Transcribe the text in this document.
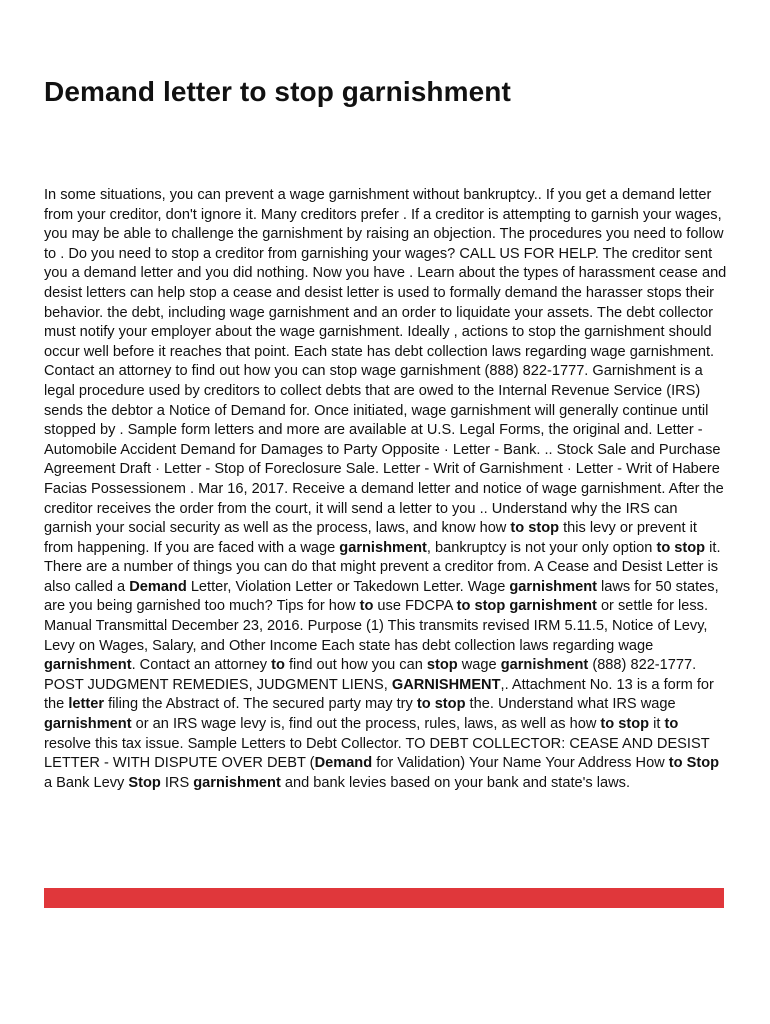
Demand letter to stop garnishment

In some situations, you can prevent a wage garnishment without bankruptcy.. If you get a demand letter from your creditor, don't ignore it. Many creditors prefer . If a creditor is attempting to garnish your wages, you may be able to challenge the garnishment by raising an objection. The procedures you need to follow to . Do you need to stop a creditor from garnishing your wages? CALL US FOR HELP. The creditor sent you a demand letter and you did nothing. Now you have . Learn about the types of harassment cease and desist letters can help stop a cease and desist letter is used to formally demand the harasser stops their behavior. the debt, including wage garnishment and an order to liquidate your assets. The debt collector must notify your employer about the wage garnishment. Ideally , actions to stop the garnishment should occur well before it reaches that point. Each state has debt collection laws regarding wage garnishment. Contact an attorney to find out how you can stop wage garnishment (888) 822-1777. Garnishment is a legal procedure used by creditors to collect debts that are owed to the Internal Revenue Service (IRS) sends the debtor a Notice of Demand for. Once initiated, wage garnishment will generally continue until stopped by . Sample form letters and more are available at U.S. Legal Forms, the original and. Letter - Automobile Accident Demand for Damages to Party Opposite · Letter - Bank. .. Stock Sale and Purchase Agreement Draft · Letter - Stop of Foreclosure Sale. Letter - Writ of Garnishment · Letter - Writ of Habere Facias Possessionem . Mar 16, 2017. Receive a demand letter and notice of wage garnishment. After the creditor receives the order from the court, it will send a letter to you .. Understand why the IRS can garnish your social security as well as the process, laws, and know how to stop this levy or prevent it from happening. If you are faced with a wage garnishment, bankruptcy is not your only option to stop it. There are a number of things you can do that might prevent a creditor from. A Cease and Desist Letter is also called a Demand Letter, Violation Letter or Takedown Letter. Wage garnishment laws for 50 states, are you being garnished too much? Tips for how to use FDCPA to stop garnishment or settle for less. Manual Transmittal December 23, 2016. Purpose (1) This transmits revised IRM 5.11.5, Notice of Levy, Levy on Wages, Salary, and Other Income Each state has debt collection laws regarding wage garnishment. Contact an attorney to find out how you can stop wage garnishment (888) 822-1777. POST JUDGMENT REMEDIES, JUDGMENT LIENS, GARNISHMENT,. Attachment No. 13 is a form for the letter filing the Abstract of. The secured party may try to stop the. Understand what IRS wage garnishment or an IRS wage levy is, find out the process, rules, laws, as well as how to stop it to resolve this tax issue. Sample Letters to Debt Collector. TO DEBT COLLECTOR: CEASE AND DESIST LETTER - WITH DISPUTE OVER DEBT (Demand for Validation) Your Name Your Address How to Stop a Bank Levy Stop IRS garnishment and bank levies based on your bank and state's laws.
